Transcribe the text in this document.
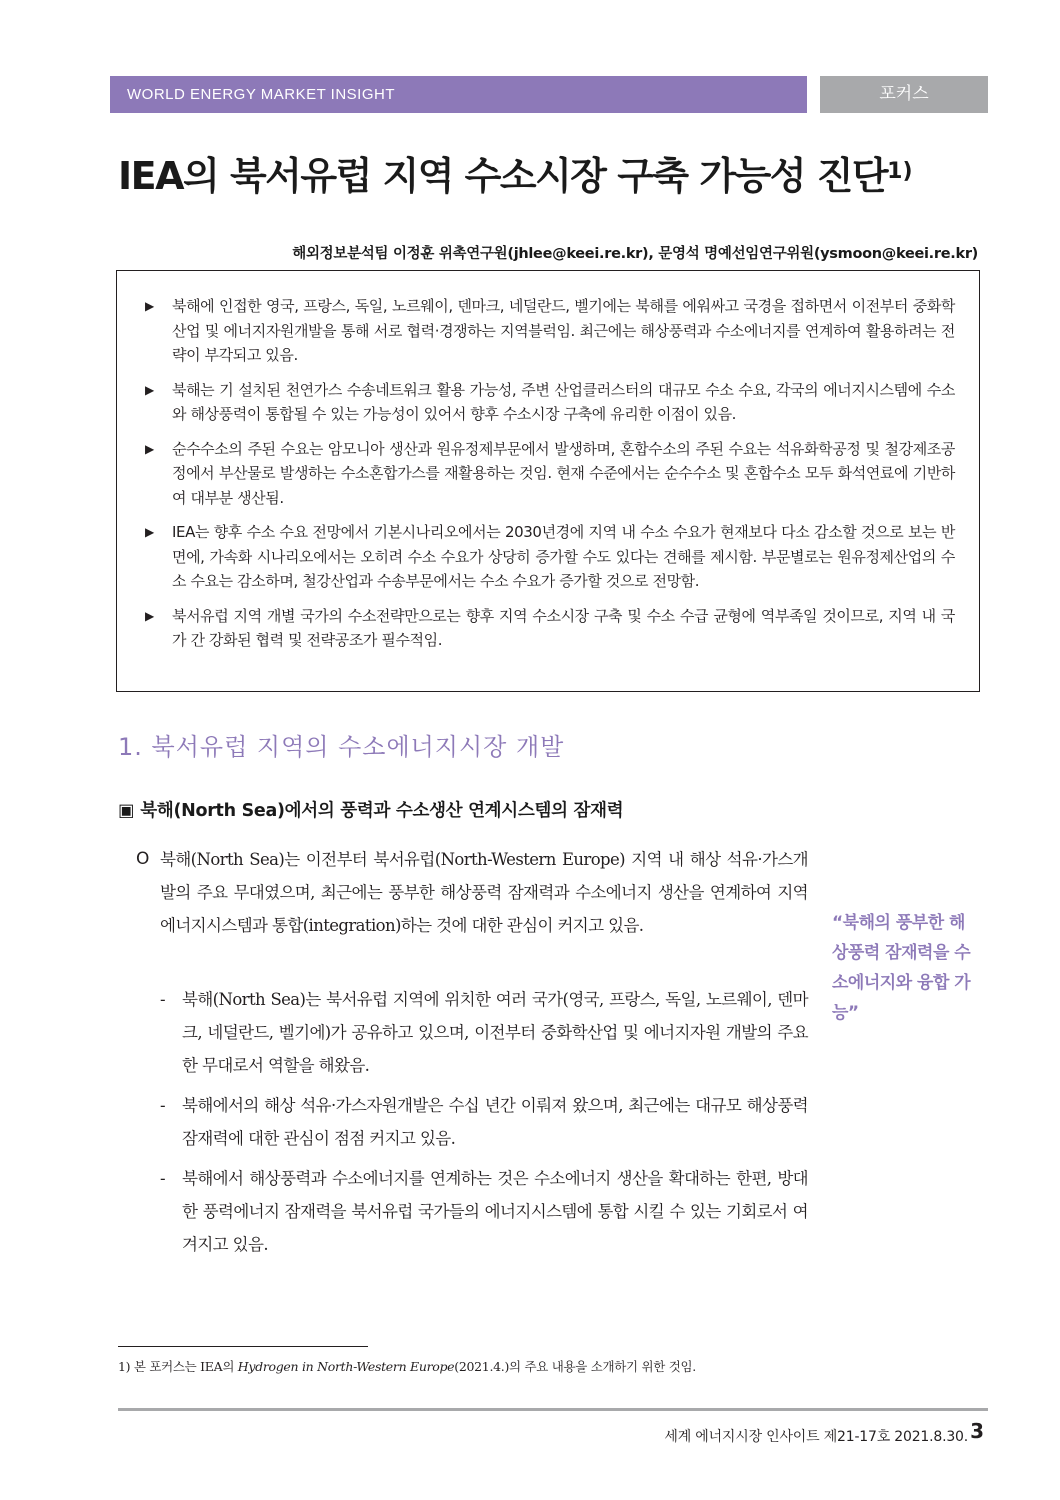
WORLD ENERGY MARKET INSIGHT	포커스
IEA의 북서유럽 지역 수소시장 구축 가능성 진단$^{1)}$
해외정보분석팀 이정훈 위촉연구원(jhlee@keei.re.kr), 문영석 명예선임연구위원(ysmoon@keei.re.kr)
▶ 북해에 인접한 영국, 프랑스, 독일, 노르웨이, 덴마크, 네덜란드, 벨기에는 북해를 에워싸고 국경을 접하면서 이전부터 중화학산업 및 에너지자원개발을 통해 서로 협력·경쟁하는 지역블럭임. 최근에는 해상풍력과 수소에너지를 연계하여 활용하려는 전략이 부각되고 있음.
▶ 북해는 기 설치된 천연가스 수송네트워크 활용 가능성, 주변 산업클러스터의 대규모 수소 수요, 각국의 에너지시스템에 수소와 해상풍력이 통합될 수 있는 가능성이 있어서 향후 수소시장 구축에 유리한 이점이 있음.
▶ 순수수소의 주된 수요는 암모니아 생산과 원유정제부문에서 발생하며, 혼합수소의 주된 수요는 석유화학공정 및 철강제조공정에서 부산물로 발생하는 수소혼합가스를 재활용하는 것임. 현재 수준에서는 순수수소 및 혼합수소 모두 화석연료에 기반하여 대부분 생산됨.
▶ IEA는 향후 수소 수요 전망에서 기본시나리오에서는 2030년경에 지역 내 수소 수요가 현재보다 다소 감소할 것으로 보는 반면에, 가속화 시나리오에서는 오히려 수소 수요가 상당히 증가할 수도 있다는 견해를 제시함. 부문별로는 원유정제산업의 수소 수요는 감소하며, 철강산업과 수송부문에서는 수소 수요가 증가할 것으로 전망함.
▶ 북서유럽 지역 개별 국가의 수소전략만으로는 향후 지역 수소시장 구축 및 수소 수급 균형에 역부족일 것이므로, 지역 내 국가 간 강화된 협력 및 전략공조가 필수적임.
1. 북서유럽 지역의 수소에너지시장 개발
▣ 북해(North Sea)에서의 풍력과 수소생산 연계시스템의 잠재력
O 북해(North Sea)는 이전부터 북서유럽(North-Western Europe) 지역 내 해상 석유·가스개발의 주요 무대였으며, 최근에는 풍부한 해상풍력 잠재력과 수소에너지 생산을 연계하여 지역 에너지시스템과 통합(integration)하는 것에 대한 관심이 커지고 있음.
- 북해(North Sea)는 북서유럽 지역에 위치한 여러 국가(영국, 프랑스, 독일, 노르웨이, 덴마크, 네덜란드, 벨기에)가 공유하고 있으며, 이전부터 중화학산업 및 에너지자원 개발의 주요한 무대로서 역할을 해왔음.
- 북해에서의 해상 석유·가스자원개발은 수십 년간 이뤄져 왔으며, 최근에는 대규모 해상풍력 잠재력에 대한 관심이 점점 커지고 있음.
- 북해에서 해상풍력과 수소에너지를 연계하는 것은 수소에너지 생산을 확대하는 한편, 방대한 풍력에너지 잠재력을 북서유럽 국가들의 에너지시스템에 통합 시킬 수 있는 기회로서 여겨지고 있음.
“북해의 풍부한 해상풍력 잠재력을 수소에너지와 융합 가능”
1) 본 포커스는 IEA의 Hydrogen in North-Western Europe(2021.4.)의 주요 내용을 소개하기 위한 것임.
세계 에너지시장 인사이트 제21-17호 2021.8.30. 3
